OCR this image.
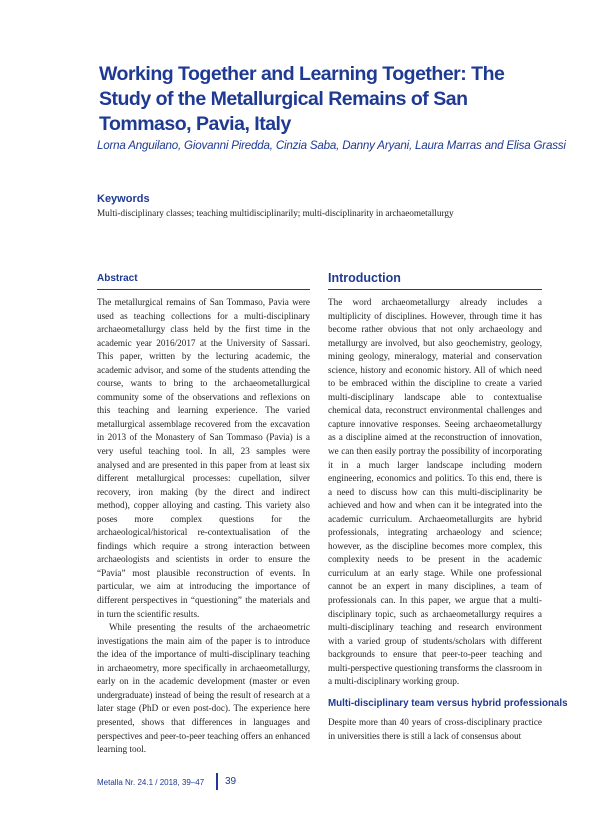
Working Together and Learning Together: The Study of the Metallurgical Remains of San Tommaso, Pavia, Italy
Lorna Anguilano, Giovanni Piredda, Cinzia Saba, Danny Aryani, Laura Marras and Elisa Grassi
Keywords
Multi-disciplinary classes; teaching multidisciplinarily; multi-disciplinarity in archaeometallurgy
Abstract

The metallurgical remains of San Tommaso, Pavia were used as teaching collections for a multi-disciplinary archaeometallurgy class held by the first time in the academic year 2016/2017 at the University of Sassari. This paper, written by the lecturing academic, the academic advisor, and some of the students attending the course, wants to bring to the archaeometallurgical community some of the observations and reflexions on this teaching and learning experience. The varied metallurgical assemblage recovered from the excavation in 2013 of the Monastery of San Tommaso (Pavia) is a very useful teaching tool. In all, 23 samples were analysed and are presented in this paper from at least six different metallurgical processes: cupellation, silver recovery, iron making (by the direct and indirect method), copper alloying and casting. This variety also poses more complex questions for the archaeological/historical re-contextualisation of the findings which require a strong interaction between archaeologists and scientists in order to ensure the “Pavia” most plausible reconstruction of events. In particular, we aim at introducing the importance of different perspectives in “questioning” the materials and in turn the scientific results.

While presenting the results of the archaeometric investigations the main aim of the paper is to introduce the idea of the importance of multi-disciplinary teaching in archaeometry, more specifically in archaeometallurgy, early on in the academic development (master or even undergraduate) instead of being the result of research at a later stage (PhD or even post-doc). The experience here presented, shows that differences in languages and perspectives and peer-to-peer teaching offers an enhanced learning tool.

Introduction

The word archaeometallurgy already includes a multiplicity of disciplines. However, through time it has become rather obvious that not only archaeology and metallurgy are involved, but also geochemistry, geology, mining geology, mineralogy, material and conservation science, history and economic history. All of which need to be embraced within the discipline to create a varied multi-disciplinary landscape able to contextualise chemical data, reconstruct environmental challenges and capture innovative responses. Seeing archaeometallurgy as a discipline aimed at the reconstruction of innovation, we can then easily portray the possibility of incorporating it in a much larger landscape including modern engineering, economics and politics. To this end, there is a need to discuss how can this multi-disciplinarity be achieved and how and when can it be integrated into the academic curriculum. Archaeometallurgits are hybrid professionals, integrating archaeology and science; however, as the discipline becomes more complex, this complexity needs to be present in the academic curriculum at an early stage. While one professional cannot be an expert in many disciplines, a team of professionals can. In this paper, we argue that a multi-disciplinary topic, such as archaeometallurgy requires a multi-disciplinary teaching and research environment with a varied group of students/scholars with different backgrounds to ensure that peer-to-peer teaching and multi-perspective questioning transforms the classroom in a multi-disciplinary working group.

Multi-disciplinary team versus hybrid professionals

Despite more than 40 years of cross-disciplinary practice in universities there is still a lack of consensus about

Metalla Nr. 24.1 / 2018, 39–47 39
